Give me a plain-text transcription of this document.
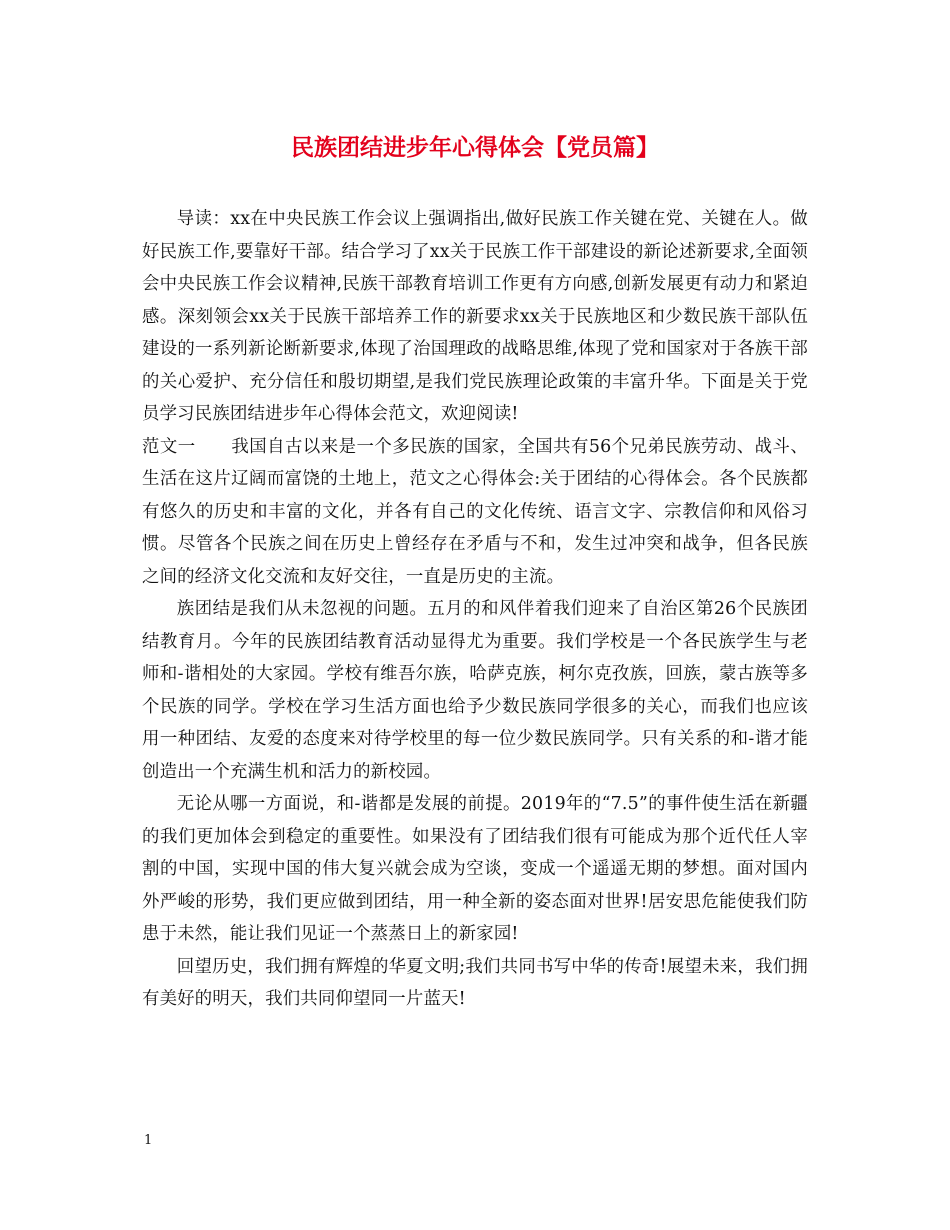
民族团结进步年心得体会【党员篇】

导读：xx在中央民族工作会议上强调指出,做好民族工作关键在党、关键在人。做好民族工作,要靠好干部。结合学习了xx关于民族工作干部建设的新论述新要求,全面领会中央民族工作会议精神,民族干部教育培训工作更有方向感,创新发展更有动力和紧迫感。深刻领会xx关于民族干部培养工作的新要求xx关于民族地区和少数民族干部队伍建设的一系列新论断新要求,体现了治国理政的战略思维,体现了党和国家对于各族干部的关心爱护、充分信任和殷切期望,是我们党民族理论政策的丰富升华。下面是关于党员学习民族团结进步年心得体会范文，欢迎阅读!

范文一　　我国自古以来是一个多民族的国家，全国共有56个兄弟民族劳动、战斗、生活在这片辽阔而富饶的土地上，范文之心得体会:关于团结的心得体会。各个民族都有悠久的历史和丰富的文化，并各有自己的文化传统、语言文字、宗教信仰和风俗习惯。尽管各个民族之间在历史上曾经存在矛盾与不和，发生过冲突和战争，但各民族之间的经济文化交流和友好交往，一直是历史的主流。

族团结是我们从未忽视的问题。五月的和风伴着我们迎来了自治区第26个民族团结教育月。今年的民族团结教育活动显得尤为重要。我们学校是一个各民族学生与老师和-谐相处的大家园。学校有维吾尔族，哈萨克族，柯尔克孜族，回族，蒙古族等多个民族的同学。学校在学习生活方面也给予少数民族同学很多的关心，而我们也应该用一种团结、友爱的态度来对待学校里的每一位少数民族同学。只有关系的和-谐才能创造出一个充满生机和活力的新校园。

无论从哪一方面说，和-谐都是发展的前提。2019年的“7.5”的事件使生活在新疆的我们更加体会到稳定的重要性。如果没有了团结我们很有可能成为那个近代任人宰割的中国，实现中国的伟大复兴就会成为空谈，变成一个遥遥无期的梦想。面对国内外严峻的形势，我们更应做到团结，用一种全新的姿态面对世界!居安思危能使我们防患于未然，能让我们见证一个蒸蒸日上的新家园!

回望历史，我们拥有辉煌的华夏文明;我们共同书写中华的传奇!展望未来，我们拥有美好的明天，我们共同仰望同一片蓝天!

1
